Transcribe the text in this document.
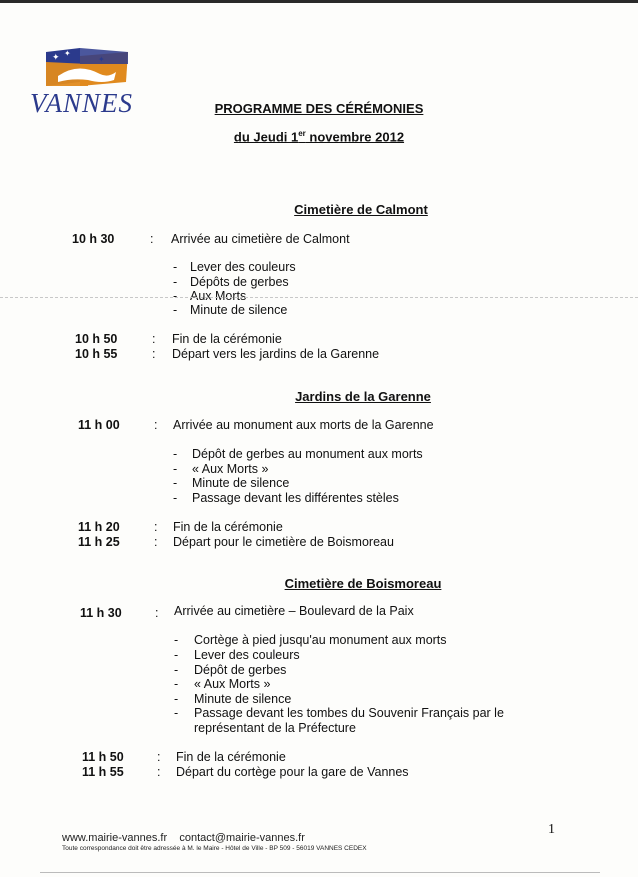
✦ ✦
✦
VANNES	PROGRAMME DES CÉRÉMONIES
du Jeudi 1er novembre 2012
Cimetière de Calmont
10 h 30	: Arrivée au cimetière de Calmont
- Lever des couleurs
- Dépôts de gerbes
- Aux Morts
- Minute de silence
10 h 50	: Fin de la cérémonie
10 h 55	: Départ vers les jardins de la Garenne
Jardins de la Garenne
11 h 00	: Arrivée au monument aux morts de la Garenne
- Dépôt de gerbes au monument aux morts
- « Aux Morts »
- Minute de silence
- Passage devant les différentes stèles
11 h 20	: Fin de la cérémonie
11 h 25	: Départ pour le cimetière de Boismoreau
Cimetière de Boismoreau
11 h 30	: Arrivée au cimetière – Boulevard de la Paix
- Cortège à pied jusqu'au monument aux morts
- Lever des couleurs
- Dépôt de gerbes
- « Aux Morts »
- Minute de silence
- Passage devant les tombes du Souvenir Français par le
représentant de la Préfecture
11 h 50	: Fin de la cérémonie
11 h 55	: Départ du cortège pour la gare de Vannes
www.mairie-vannes.fr    contact@mairie-vannes.fr
Toute correspondance doit être adressée à M. le Maire - Hôtel de Ville - BP 509 - 56019 VANNES CEDEX
1
